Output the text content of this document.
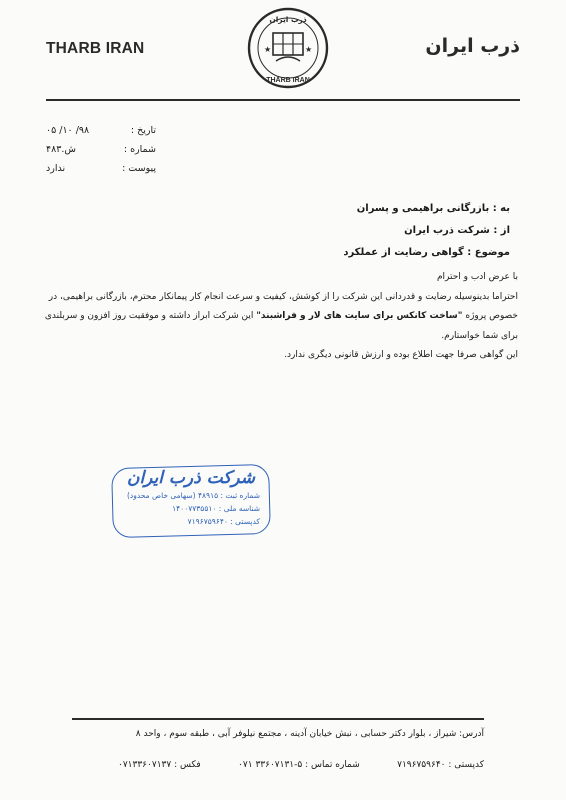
THARB IRAN	ذرب ایران
★	★
ذرب ایران
THARB IRAN
تاریخ :
۹۸/ ۱۰/ ۰۵
شماره :
ش.۴۸۳
پیوست :
ندارد
به : بازرگانی براهیمی و پسران
از : شرکت ذرب ایران
موضوع : گواهی رضایت از عملکرد

با عرض ادب و احترام

احتراما بدینوسیله رضایت و قدردانی این شرکت را از کوشش، کیفیت و سرعت انجام کار پیمانکار محترم، بازرگانی براهیمی، در

خصوص پروژه "ساخت کانکس برای سایت های لار و فراشبند" این شرکت ابراز داشته و موفقیت روز افزون و سربلندی

برای شما خواستارم.

این گواهی صرفا جهت اطلاع بوده و ارزش قانونی دیگری ندارد.

شرکت ذرب ایران
شماره ثبت : ۴۸۹۱۵ (سهامی خاص محدود)
شناسه ملی : ۱۴۰۰۷۷۳۵۵۱۰
کدپستی : ۷۱۹۶۷۵۹۶۴۰
آدرس: شیراز ، بلوار دکتر حسابی ، نبش خیابان آدینه ، مجتمع نیلوفر آبی ، طبقه سوم ، واحد ۸
کدپستی : ۷۱۹۶۷۵۹۶۴۰
شماره تماس : ۵-۳۳۶۰۷۱۳۱ ۰۷۱
فکس : ۰۷۱۳۳۶۰۷۱۳۷
